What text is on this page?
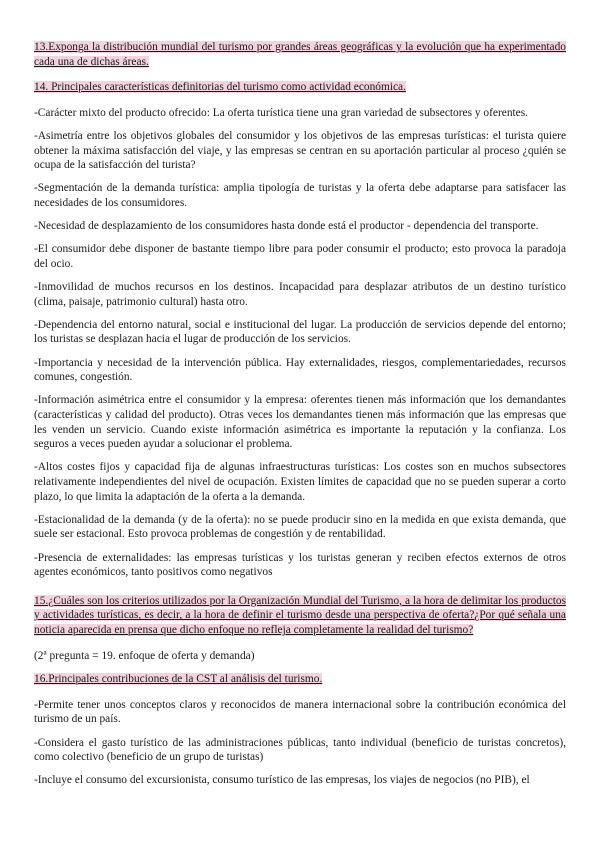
13.Exponga la distribución mundial del turismo por grandes áreas geográficas y la evolución que ha experimentado cada una de dichas áreas.
14. Principales características definitorias del turismo como actividad económica.

-Carácter mixto del producto ofrecido: La oferta turística tiene una gran variedad de subsectores y oferentes.

-Asimetría entre los objetivos globales del consumidor y los objetivos de las empresas turísticas: el turista quiere obtener la máxima satisfacción del viaje, y las empresas se centran en su aportación particular al proceso ¿quién se ocupa de la satisfacción del turista?

-Segmentación de la demanda turística: amplia tipología de turistas y la oferta debe adaptarse para satisfacer las necesidades de los consumidores.

-Necesidad de desplazamiento de los consumidores hasta donde está el productor - dependencia del transporte.

-El consumidor debe disponer de bastante tiempo libre para poder consumir el producto; esto provoca la paradoja del ocio.

-Inmovilidad de muchos recursos en los destinos. Incapacidad para desplazar atributos de un destino turístico (clima, paisaje, patrimonio cultural) hasta otro.

-Dependencia del entorno natural, social e institucional del lugar. La producción de servicios depende del entorno; los turistas se desplazan hacia el lugar de producción de los servicios.

-Importancia y necesidad de la intervención pública. Hay externalidades, riesgos, complementariedades, recursos comunes, congestión.

-Información asimétrica entre el consumidor y la empresa: oferentes tienen más información que los demandantes (características y calidad del producto). Otras veces los demandantes tienen más información que las empresas que les venden un servicio. Cuando existe información asimétrica es importante la reputación y la confianza. Los seguros a veces pueden ayudar a solucionar el problema.

-Altos costes fijos y capacidad fija de algunas infraestructuras turísticas: Los costes son en muchos subsectores relativamente independientes del nivel de ocupación. Existen límites de capacidad que no se pueden superar a corto plazo, lo que limita la adaptación de la oferta a la demanda.

-Estacionalidad de la demanda (y de la oferta): no se puede producir sino en la medida en que exista demanda, que suele ser estacional. Esto provoca problemas de congestión y de rentabilidad.

-Presencia de externalidades: las empresas turísticas y los turistas generan y reciben efectos externos de otros agentes económicos, tanto positivos como negativos

15.¿Cuáles son los criterios utilizados por la Organización Mundial del Turismo, a la hora de delimitar los productos y actividades turísticas, es decir, a la hora de definir el turismo desde una perspectiva de oferta?¿Por qué señala una noticia aparecida en prensa que dicho enfoque no refleja completamente la realidad del turismo?

(2ª pregunta = 19. enfoque de oferta y demanda)

16.Principales contribuciones de la CST al análisis del turismo.

-Permite tener unos conceptos claros y reconocidos de manera internacional sobre la contribución económica del turismo de un país.

-Considera el gasto turístico de las administraciones públicas, tanto individual (beneficio de turistas concretos), como colectivo (beneficio de un grupo de turistas)

-Incluye el consumo del excursionista, consumo turístico de las empresas, los viajes de negocios (no PIB), el
